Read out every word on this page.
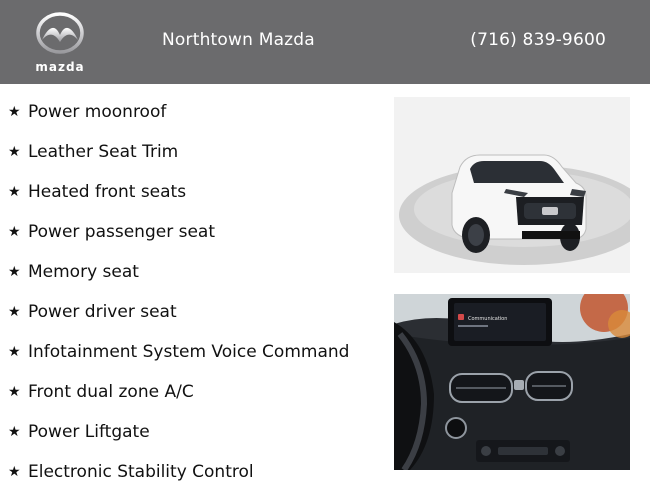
mazda
Northtown Mazda	(716) 839-9600
★ Power moonroof
★ Leather Seat Trim
★ Heated front seats
★ Power passenger seat
★ Memory seat
★ Power driver seat
★ Infotainment System Voice Command
★ Front dual zone A/C
★ Power Liftgate
★ Electronic Stability Control
Communication
